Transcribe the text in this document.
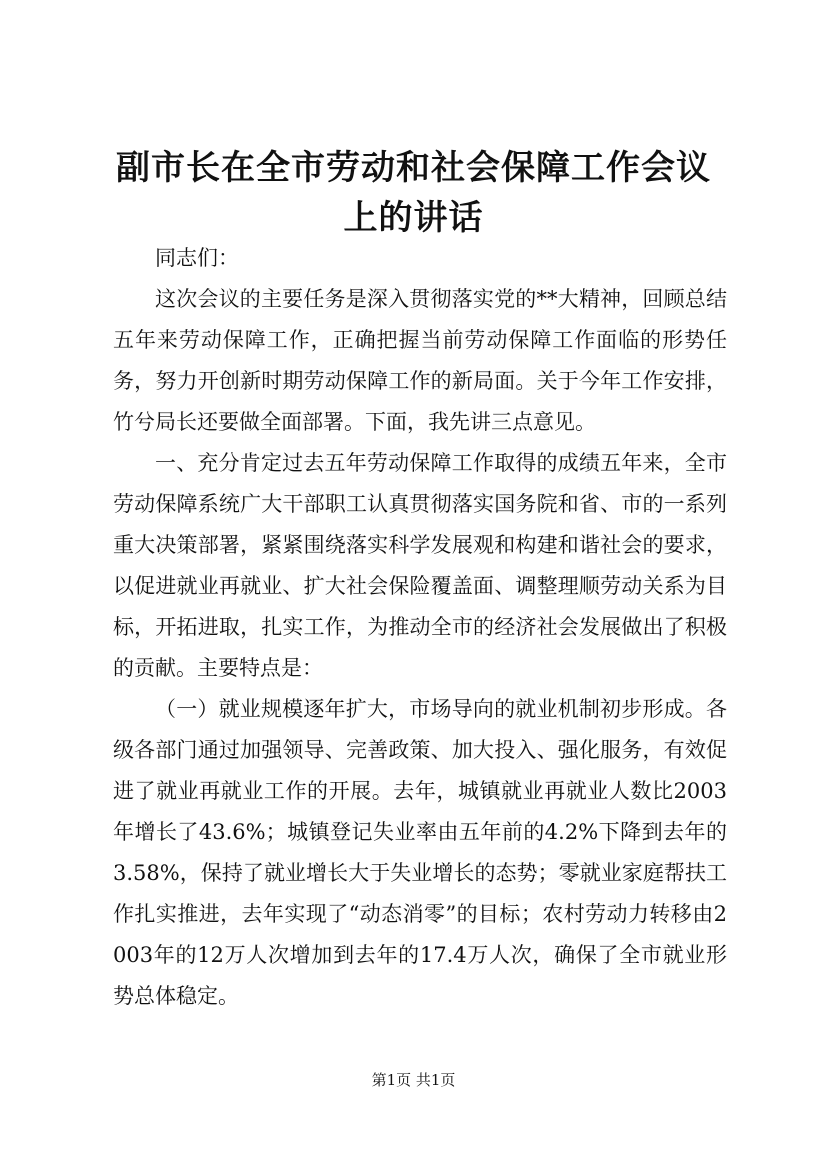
副市长在全市劳动和社会保障工作会议上的讲话

同志们：

这次会议的主要任务是深入贯彻落实党的**大精神，回顾总结五年来劳动保障工作，正确把握当前劳动保障工作面临的形势任务，努力开创新时期劳动保障工作的新局面。关于今年工作安排，竹兮局长还要做全面部署。下面，我先讲三点意见。

一、充分肯定过去五年劳动保障工作取得的成绩五年来，全市劳动保障系统广大干部职工认真贯彻落实国务院和省、市的一系列重大决策部署，紧紧围绕落实科学发展观和构建和谐社会的要求，以促进就业再就业、扩大社会保险覆盖面、调整理顺劳动关系为目标，开拓进取，扎实工作，为推动全市的经济社会发展做出了积极的贡献。主要特点是：

（一）就业规模逐年扩大，市场导向的就业机制初步形成。各级各部门通过加强领导、完善政策、加大投入、强化服务，有效促进了就业再就业工作的开展。去年，城镇就业再就业人数比2003年增长了43.6%；城镇登记失业率由五年前的4.2%下降到去年的3.58%，保持了就业增长大于失业增长的态势；零就业家庭帮扶工作扎实推进，去年实现了“动态消零”的目标；农村劳动力转移由2003年的12万人次增加到去年的17.4万人次，确保了全市就业形势总体稳定。

第1页 共1页
